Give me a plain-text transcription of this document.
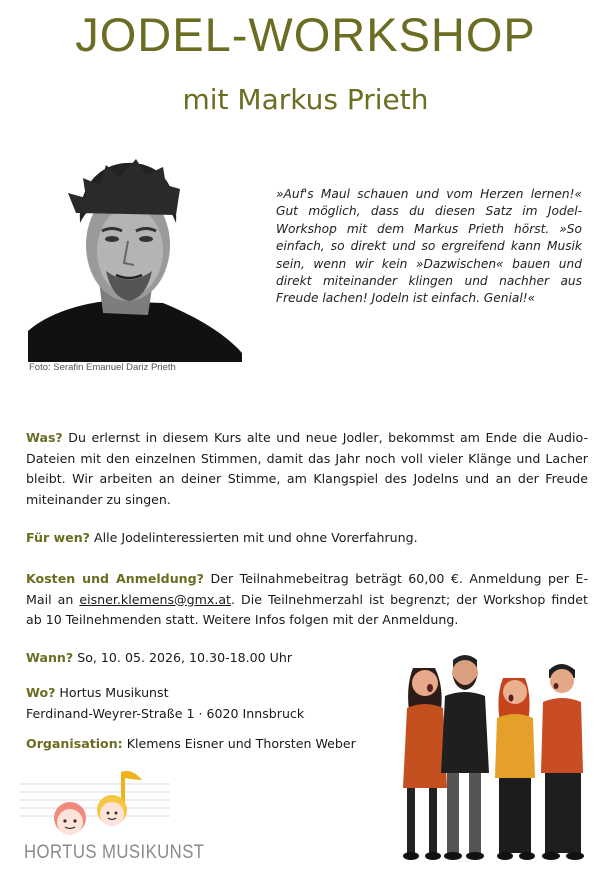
JODEL-WORKSHOP
mit Markus Prieth
Foto: Serafin Emanuel Dariz Prieth
»Auf's Maul schauen und vom Herzen lernen!« Gut möglich, dass du diesen Satz im Jodel-Workshop mit dem Markus Prieth hörst. »So einfach, so direkt und so ergreifend kann Musik sein, wenn wir kein »Dazwischen« bauen und direkt miteinander klingen und nachher aus Freude lachen! Jodeln ist einfach. Genial!«
Was? Du erlernst in diesem Kurs alte und neue Jodler, bekommst am Ende die Audio-Dateien mit den einzelnen Stimmen, damit das Jahr noch voll vieler Klänge und Lacher bleibt. Wir arbeiten an deiner Stimme, am Klangspiel des Jodelns und an der Freude miteinander zu singen.
Für wen? Alle Jodelinteressierten mit und ohne Vorerfahrung.
Kosten und Anmeldung? Der Teilnahmebeitrag beträgt 60,00 €. Anmeldung per E-Mail an eisner.klemens@gmx.at. Die Teilnehmerzahl ist begrenzt; der Workshop findet ab 10 Teilnehmenden statt. Weitere Infos folgen mit der Anmeldung.
Wann? So, 10. 05. 2026, 10.30-18.00 Uhr
Wo? Hortus Musikunst
Ferdinand-Weyrer-Straße 1 · 6020 Innsbruck
Organisation: Klemens Eisner und Thorsten Weber
HORTUS MUSIKUNST
